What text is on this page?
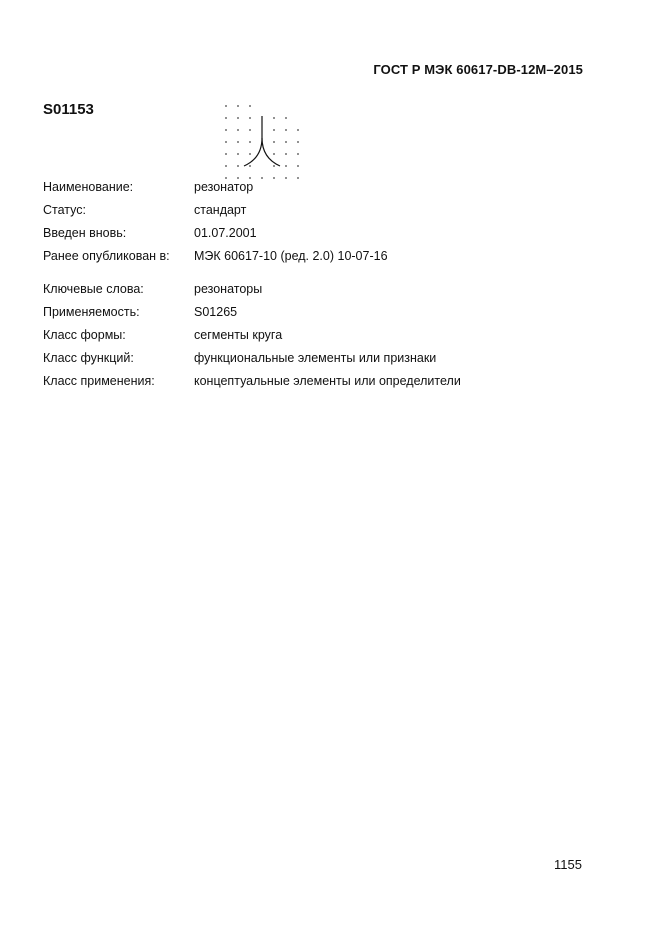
ГОСТ Р МЭК 60617-DB-12M–2015
S01153
Наименование:	резонатор
Статус:	стандарт
Введен вновь:	01.07.2001
Ранее опубликован в: МЭК 60617-10 (ред. 2.0) 10-07-16
Ключевые слова:	резонаторы
Применяемость:	S01265
Класс формы:	сегменты круга
Класс функций:	функциональные элементы или признаки
Класс применения:	концептуальные элементы или определители
1155
